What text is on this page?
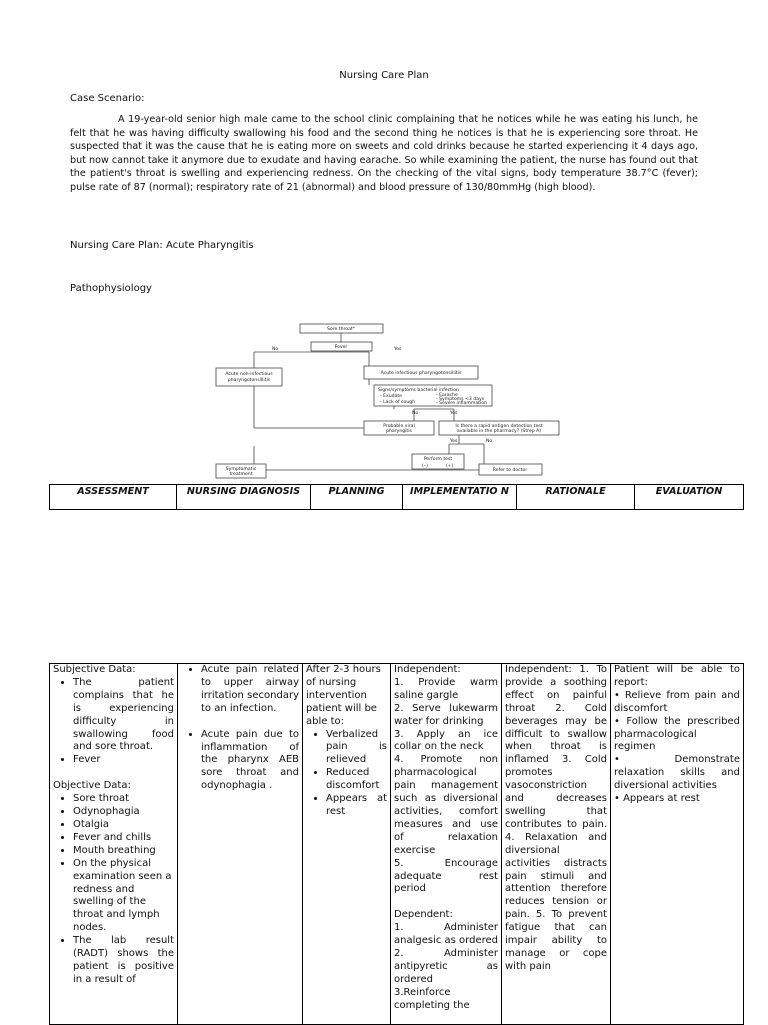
Nursing Care Plan
Case Scenario:

A 19-year-old senior high male came to the school clinic complaining that he notices while he was eating his lunch, he felt that he was having difficulty swallowing his food and the second thing he notices is that he is experiencing sore throat. He suspected that it was the cause that he is eating more on sweets and cold drinks because he started experiencing it 4 days ago, but now cannot take it anymore due to exudate and having earache. So while examining the patient, the nurse has found out that the patient's throat is swelling and experiencing redness. On the checking of the vital signs, body temperature 38.7°C (fever); pulse rate of 87 (normal); respiratory rate of 21 (abnormal) and blood pressure of 130/80mmHg (high blood).

Nursing Care Plan: Acute Pharyngitis
Pathophysiology
Sore throat*
Fever
No	Yes
Acute non-infectious
pharyngotonsillitis
Acute infectious pharyngotonsillitis
Signs/symptoms bacterial infection
- Exudate
- Lack of cough
- Earache
- Symptoms <3 days
- Severe inflammation
No	Yes
Probable viral
pharyngitis
Is there a rapid antigen detection test
available in the pharmacy? (Strep A)
Yes	No
Perform test
(–)	(+)
Symptomatic
treatment
Refer to doctor
ASSESSMENT	NURSING DIAGNOSIS	PLANNING	IMPLEMENTATIO N	RATIONALE	EVALUATION
Subjective Data:
• The patient complains that he is experiencing difficulty in swallowing food and sore throat.
• Fever
Objective Data:
• Sore throat
• Odynophagia
• Otalgia
• Fever and chills
• Mouth breathing
• On the physical examination seen a redness and swelling of the throat and lymph nodes.
• The lab result (RADT) shows the patient is positive in a result of

• Acute pain related to upper airway irritation secondary to an infection.
• Acute pain due to inflammation of the pharynx AEB sore throat and odynophagia .

After 2-3 hours of nursing intervention patient will be able to:
• Verbalized pain is relieved
• Reduced discomfort
• Appears at rest

Independent:
1. Provide warm saline gargle
2. Serve lukewarm water for drinking
3. Apply an ice collar on the neck
4. Promote non pharmacological pain management such as diversional activities, comfort measures and use of relaxation exercise
5. Encourage adequate rest period
Dependent:
1. Administer analgesic as ordered
2. Administer antipyretic as ordered
3.Reinforce completing the

Independent: 1. To provide a soothing effect on painful throat 2. Cold beverages may be difficult to swallow when throat is inflamed 3. Cold promotes vasoconstriction and decreases swelling that contributes to pain. 4. Relaxation and diversional activities distracts pain stimuli and attention therefore reduces tension or pain. 5. To prevent fatigue that can impair ability to manage or cope with pain

Patient will be able to report:
• Relieve from pain and discomfort
• Follow the prescribed pharmacological regimen
• Demonstrate relaxation skills and diversional activities
• Appears at rest
